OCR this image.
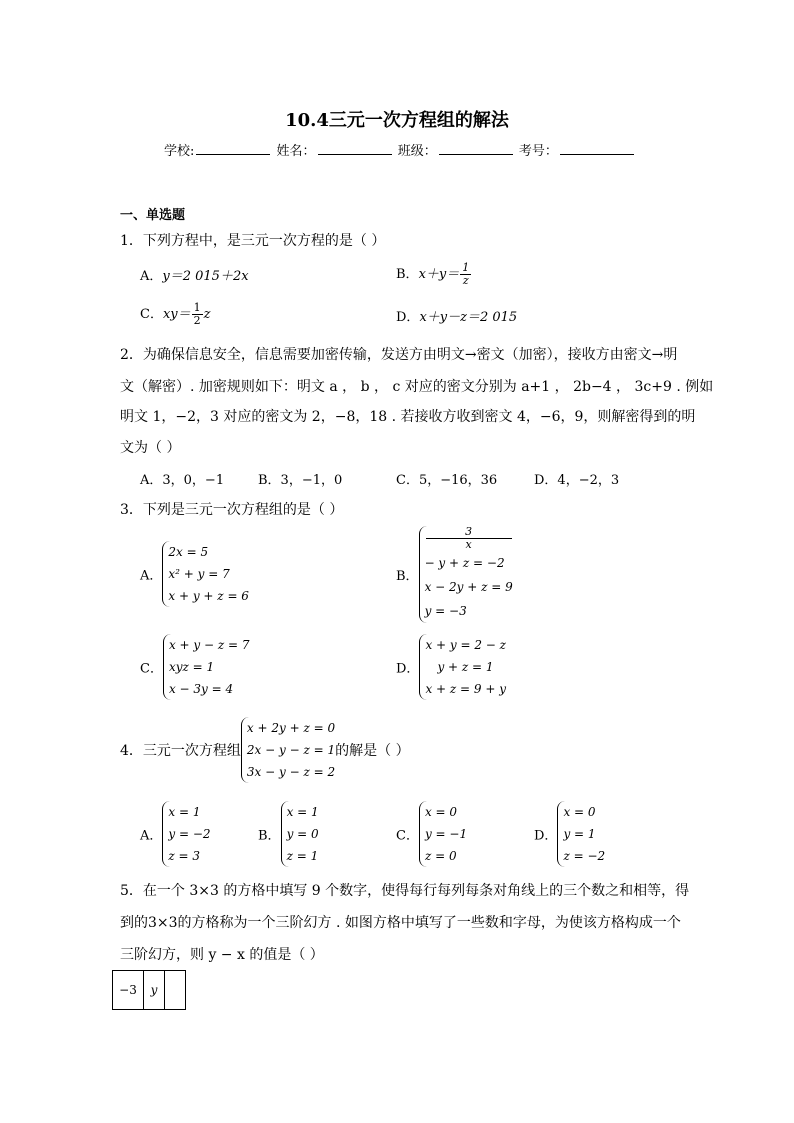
10.4三元一次方程组的解法
学校:	姓名：	班级：	考号：
一、单选题
1．下列方程中，是三元一次方程的是（ ）
A．y＝2 015＋2x	B．$x+y= \frac{1}{z}$
C．$xy= \frac{1}{2}$ z	D．x＋y－z＝2 015
2．为确保信息安全，信息需要加密传输，发送方由明文→密文（加密），接收方由密文→明
文（解密）. 加密规则如下：明文 a ， b ， c 对应的密文分别为 a+1 ， 2b−4 ， 3c+9 . 例如
明文 1，−2，3 对应的密文为 2，−8，18 . 若接收方收到密文 4，−6，9，则解密得到的明
文为（ ）
A．3，0，−1	B．3，−1，0	C．5，−16，36	D．4，−2，3
3．下列是三元一次方程组的是（ ）
A．
2x = 5
x² + y = 7
x + y + z = 6
B．
3
x
− y + z = −2
x − 2y + z = 9
y = −3
C．
x + y − z = 7
xyz = 1
x − 3y = 4
D．
x + y = 2 − z
y + z = 1
x + z = 9 + y
4．三元一次方程组
x + 2y + z = 0
2x − y − z = 1
3x − y − z = 2
的解是（ ）
A．
x = 1
y = −2
z = 3
B．
x = 1
y = 0
z = 1
C．
x = 0
y = −1
z = 0
D．
x = 0
y = 1
z = −2
5．在一个 3×3 的方格中填写 9 个数字，使得每行每列每条对角线上的三个数之和相等，得
到的3×3的方格称为一个三阶幻方 . 如图方格中填写了一些数和字母，为使该方格构成一个
三阶幻方，则 y − x 的值是（ ）
−3	y	
